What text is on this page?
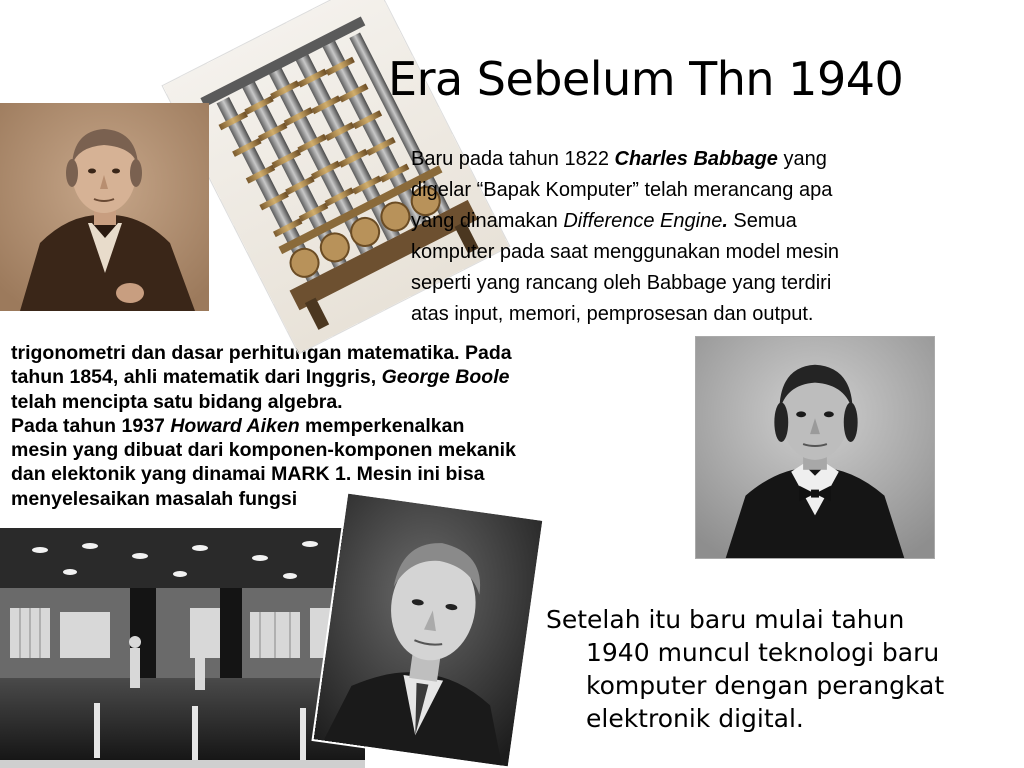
Era Sebelum Thn 1940
Baru pada tahun 1822 Charles Babbage yang
digelar “Bapak Komputer” telah merancang apa
yang dinamakan Difference Engine. Semua
komputer pada saat menggunakan model mesin
seperti yang rancang oleh Babbage yang terdiri
atas input, memori, pemprosesan dan output.
trigonometri dan dasar perhitungan matematika. Pada
tahun 1854, ahli matematik dari Inggris, George Boole
telah mencipta satu bidang algebra.
Pada tahun 1937 Howard Aiken memperkenalkan
mesin yang dibuat dari komponen-komponen mekanik
dan elektonik yang dinamai MARK 1. Mesin ini bisa
menyelesaikan masalah fungsi
Setelah itu baru mulai tahun
1940 muncul teknologi baru
komputer dengan perangkat
elektronik digital.
